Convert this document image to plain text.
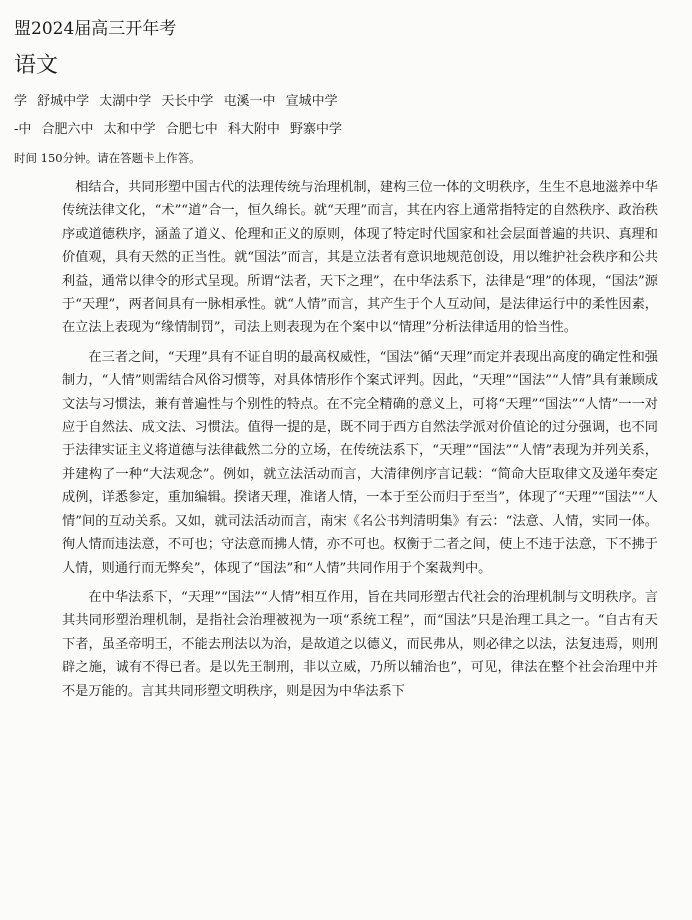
盟2024届高三开年考
语文
学 舒城中学 太湖中学 天长中学 屯溪一中 宣城中学
-中 合肥六中 太和中学 合肥七中 科大附中 野寨中学
时间 150分钟。请在答题卡上作答。

相结合，共同形塑中国古代的法理传统与治理机制，建构三位一体的文明秩序，生生不息地滋养中华传统法律文化，“术”“道”合一，恒久绵长。就“天理”而言，其在内容上通常指特定的自然秩序、政治秩序或道德秩序，涵盖了道义、伦理和正义的原则，体现了特定时代国家和社会层面普遍的共识、真理和价值观，具有天然的正当性。就“国法”而言，其是立法者有意识地规范创设，用以维护社会秩序和公共利益，通常以律令的形式呈现。所谓“法者，天下之理”，在中华法系下，法律是“理”的体现，“国法”源于“天理”，两者间具有一脉相承性。就“人情”而言，其产生于个人互动间，是法律运行中的柔性因素，在立法上表现为“缘情制罚”，司法上则表现为在个案中以“情理”分析法律适用的恰当性。

在三者之间，“天理”具有不证自明的最高权威性，“国法”循“天理”而定并表现出高度的确定性和强制力，“人情”则需结合风俗习惯等，对具体情形作个案式评判。因此，“天理”“国法”“人情”具有兼顾成文法与习惯法，兼有普遍性与个别性的特点。在不完全精确的意义上，可将“天理”“国法”“人情”一一对应于自然法、成文法、习惯法。值得一提的是，既不同于西方自然法学派对价值论的过分强调，也不同于法律实证主义将道德与法律截然二分的立场，在传统法系下，“天理”“国法”“人情”表现为并列关系，并建构了一种“大法观念”。例如，就立法活动而言，大清律例序言记载：“简命大臣取律文及递年奏定成例，详悉参定，重加编辑。揆诸天理，准诸人情，一本于至公而归于至当”，体现了“天理”“国法”“人情”间的互动关系。又如，就司法活动而言，南宋《名公书判清明集》有云：“法意、人情，实同一体。徇人情而违法意，不可也；守法意而拂人情，亦不可也。权衡于二者之间，使上不违于法意，下不拂于人情，则通行而无弊矣”，体现了“国法”和“人情”共同作用于个案裁判中。

在中华法系下，“天理”“国法”“人情”相互作用，旨在共同形塑古代社会的治理机制与文明秩序。言其共同形塑治理机制，是指社会治理被视为一项“系统工程”，而“国法”只是治理工具之一。“自古有天下者，虽圣帝明王，不能去刑法以为治，是故道之以德义，而民弗从，则必律之以法，法复违焉，则刑辟之施，诚有不得已者。是以先王制刑，非以立威，乃所以辅治也”，可见，律法在整个社会治理中并不是万能的。言其共同形塑文明秩序，则是因为中华法系下
